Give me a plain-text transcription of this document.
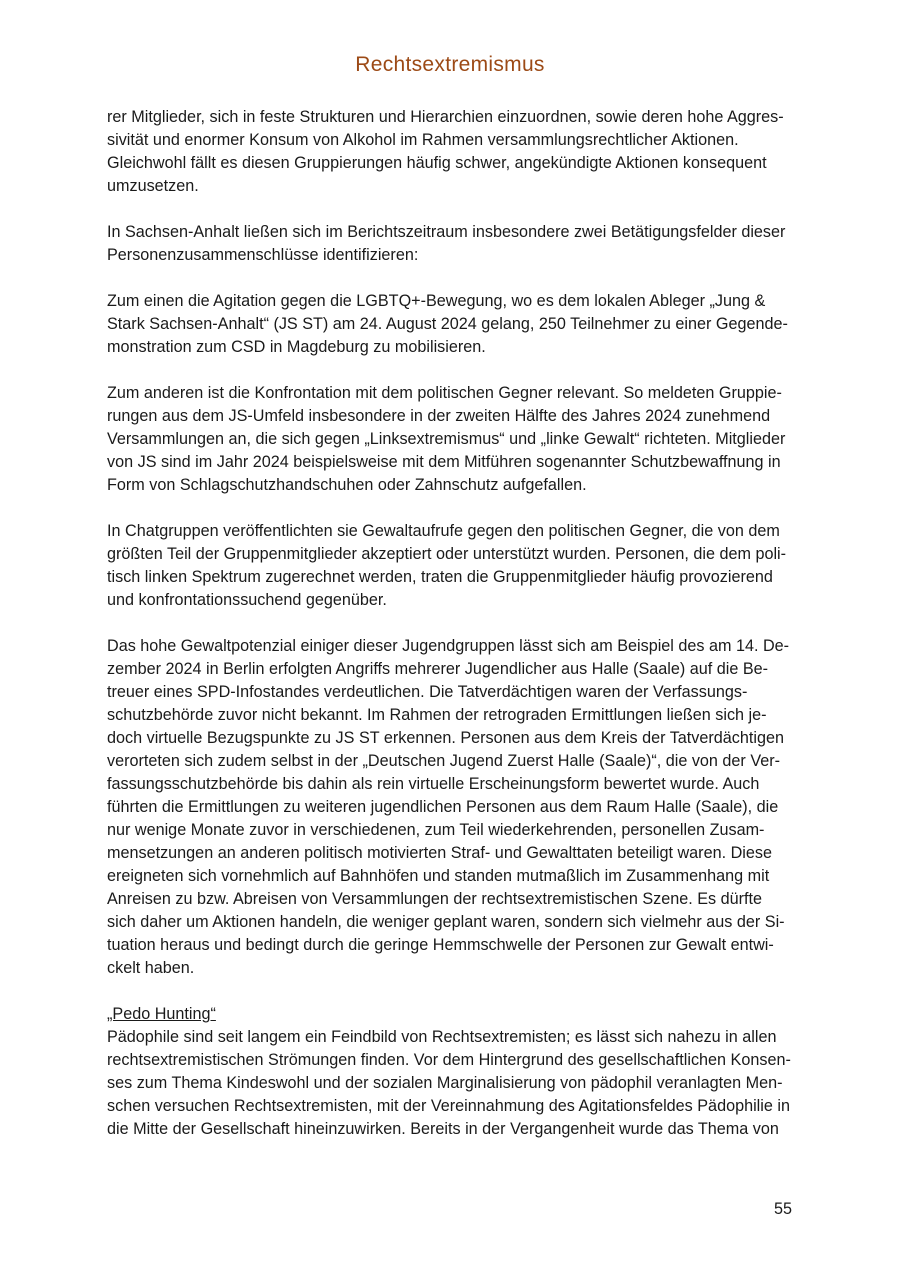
Rechtsextremismus

rer Mitglieder, sich in feste Strukturen und Hierarchien einzuordnen, sowie deren hohe Aggres-
sivität und enormer Konsum von Alkohol im Rahmen versammlungsrechtlicher Aktionen.
Gleichwohl fällt es diesen Gruppierungen häufig schwer, angekündigte Aktionen konsequent
umzusetzen.

In Sachsen-Anhalt ließen sich im Berichtszeitraum insbesondere zwei Betätigungsfelder dieser
Personenzusammenschlüsse identifizieren:

Zum einen die Agitation gegen die LGBTQ+-Bewegung, wo es dem lokalen Ableger „Jung &
Stark Sachsen-Anhalt“ (JS ST) am 24. August 2024 gelang, 250 Teilnehmer zu einer Gegende-
monstration zum CSD in Magdeburg zu mobilisieren.

Zum anderen ist die Konfrontation mit dem politischen Gegner relevant. So meldeten Gruppie-
rungen aus dem JS-Umfeld insbesondere in der zweiten Hälfte des Jahres 2024 zunehmend
Versammlungen an, die sich gegen „Linksextremismus“ und „linke Gewalt“ richteten. Mitglieder
von JS sind im Jahr 2024 beispielsweise mit dem Mitführen sogenannter Schutzbewaffnung in
Form von Schlagschutzhandschuhen oder Zahnschutz aufgefallen.

In Chatgruppen veröffentlichten sie Gewaltaufrufe gegen den politischen Gegner, die von dem
größten Teil der Gruppenmitglieder akzeptiert oder unterstützt wurden. Personen, die dem poli-
tisch linken Spektrum zugerechnet werden, traten die Gruppenmitglieder häufig provozierend
und konfrontationssuchend gegenüber.

Das hohe Gewaltpotenzial einiger dieser Jugendgruppen lässt sich am Beispiel des am 14. De-
zember 2024 in Berlin erfolgten Angriffs mehrerer Jugendlicher aus Halle (Saale) auf die Be-
treuer eines SPD-Infostandes verdeutlichen. Die Tatverdächtigen waren der Verfassungs-
schutzbehörde zuvor nicht bekannt. Im Rahmen der retrograden Ermittlungen ließen sich je-
doch virtuelle Bezugspunkte zu JS ST erkennen. Personen aus dem Kreis der Tatverdächtigen
verorteten sich zudem selbst in der „Deutschen Jugend Zuerst Halle (Saale)“, die von der Ver-
fassungsschutzbehörde bis dahin als rein virtuelle Erscheinungsform bewertet wurde. Auch
führten die Ermittlungen zu weiteren jugendlichen Personen aus dem Raum Halle (Saale), die
nur wenige Monate zuvor in verschiedenen, zum Teil wiederkehrenden, personellen Zusam-
mensetzungen an anderen politisch motivierten Straf- und Gewalttaten beteiligt waren. Diese
ereigneten sich vornehmlich auf Bahnhöfen und standen mutmaßlich im Zusammenhang mit
Anreisen zu bzw. Abreisen von Versammlungen der rechtsextremistischen Szene. Es dürfte
sich daher um Aktionen handeln, die weniger geplant waren, sondern sich vielmehr aus der Si-
tuation heraus und bedingt durch die geringe Hemmschwelle der Personen zur Gewalt entwi-
ckelt haben.

„Pedo Hunting“

Pädophile sind seit langem ein Feindbild von Rechtsextremisten; es lässt sich nahezu in allen
rechtsextremistischen Strömungen finden. Vor dem Hintergrund des gesellschaftlichen Konsen-
ses zum Thema Kindeswohl und der sozialen Marginalisierung von pädophil veranlagten Men-
schen versuchen Rechtsextremisten, mit der Vereinnahmung des Agitationsfeldes Pädophilie in
die Mitte der Gesellschaft hineinzuwirken. Bereits in der Vergangenheit wurde das Thema von

55
